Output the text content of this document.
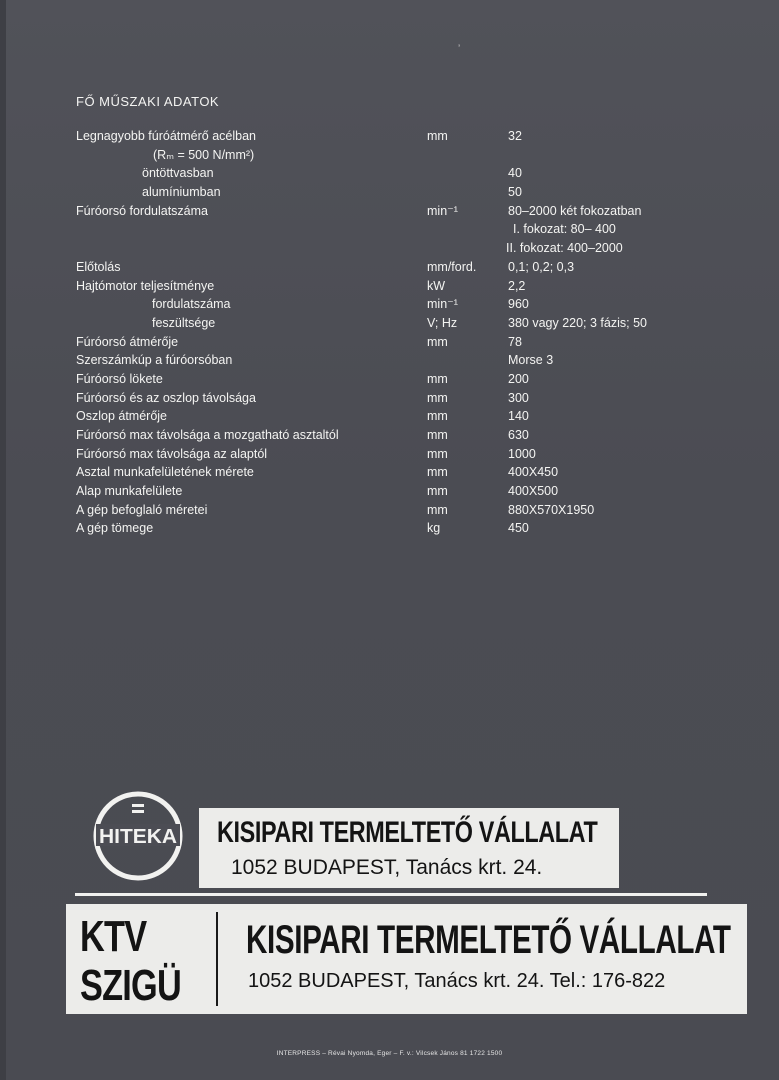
ʼ
FŐ MŰSZAKI ADATOK
Legnagyobb fúróátmérő acélban	mm	32
(Rₘ = 500 N/mm²)
öntöttvasban	40
alumíniumban	50
Fúróorsó fordulatszáma	min⁻¹	80–2000 két fokozatban
I. fokozat: 80– 400
II. fokozat: 400–2000
Előtolás	mm/ford.	0,1; 0,2; 0,3
Hajtómotor teljesítménye	kW	2,2
fordulatszáma	min⁻¹	960
feszültsége	V; Hz	380 vagy 220; 3 fázis; 50
Fúróorsó átmérője	mm	78
Szerszámkúp a fúróorsóban	Morse 3
Fúróorsó lökete	mm	200
Fúróorsó és az oszlop távolsága	mm	300
Oszlop átmérője	mm	140
Fúróorsó max távolsága a mozgatható asztaltól	mm	630
Fúróorsó max távolsága az alaptól	mm	1000
Asztal munkafelületének mérete	mm	400X450
Alap munkafelülete	mm	400X500
A gép befoglaló méretei	mm	880X570X1950
A gép tömege	kg	450
HITEKA KISIPARI TERMELTETŐ VÁLLALAT
1052 BUDAPEST, Tanács krt. 24.
KTV
SZIGÜ
KISIPARI TERMELTETŐ VÁLLALAT
1052 BUDAPEST, Tanács krt. 24. Tel.: 176-822
INTERPRESS – Révai Nyomda, Eger – F. v.: Vilcsek János 81 1722 1500
